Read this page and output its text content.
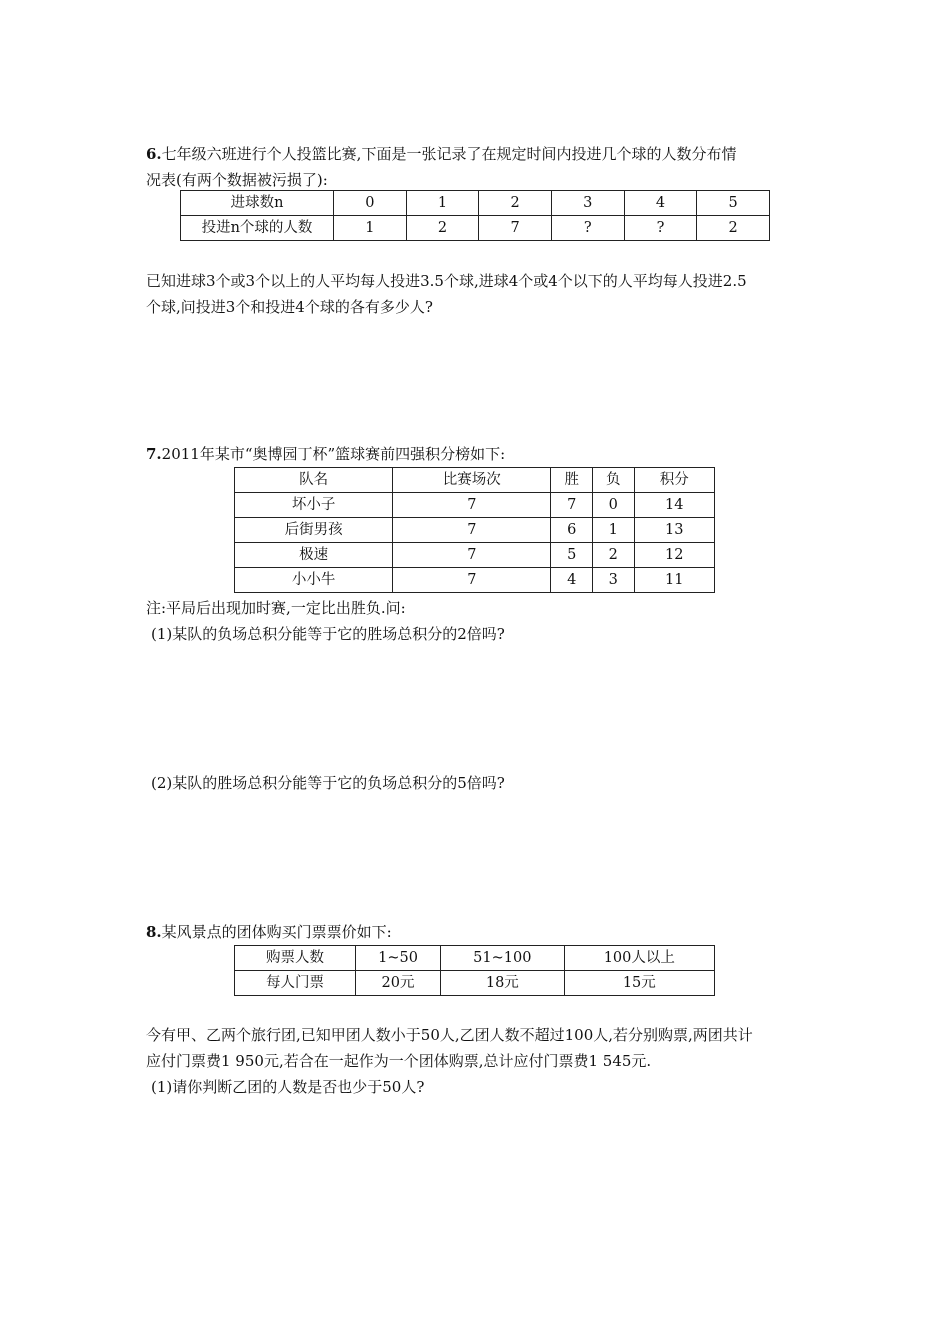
6.七年级六班进行个人投篮比赛,下面是一张记录了在规定时间内投进几个球的人数分布情
况表(有两个数据被污损了):
进球数n	0	1	2	3	4	5
投进n个球的人数	1	2	7	?	?	2
已知进球3个或3个以上的人平均每人投进3.5个球,进球4个或4个以下的人平均每人投进2.5
个球,问投进3个和投进4个球的各有多少人?
7.2011年某市“奥博园丁杯”篮球赛前四强积分榜如下:
队名	比赛场次	胜	负	积分
坏小子	7	7	0	14
后街男孩	7	6	1	13
极速	7	5	2	12
小小牛	7	4	3	11
注:平局后出现加时赛,一定比出胜负.问:
(1)某队的负场总积分能等于它的胜场总积分的2倍吗?
(2)某队的胜场总积分能等于它的负场总积分的5倍吗?
8.某风景点的团体购买门票票价如下:
购票人数	1~50	51~100	100人以上
每人门票	20元	18元	15元
今有甲、乙两个旅行团,已知甲团人数小于50人,乙团人数不超过100人,若分别购票,两团共计
应付门票费1 950元,若合在一起作为一个团体购票,总计应付门票费1 545元.
(1)请你判断乙团的人数是否也少于50人?
